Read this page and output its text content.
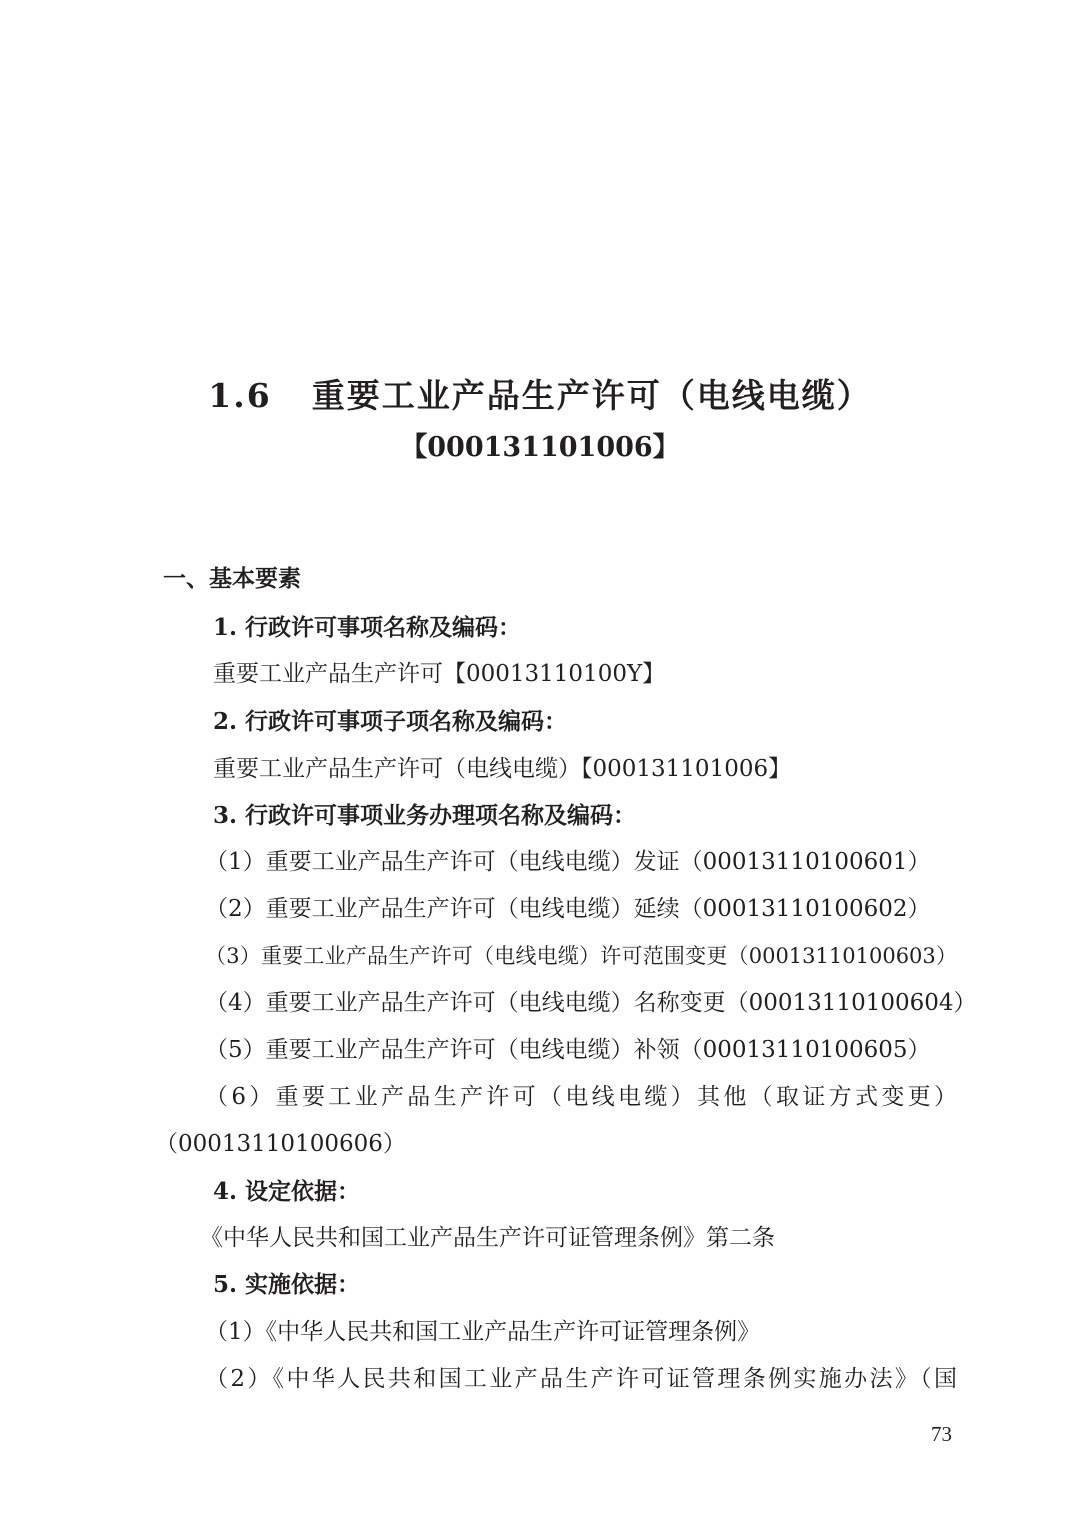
1.6 重要工业产品生产许可（电线电缆）
【000131101006】
一、基本要素
1. 行政许可事项名称及编码：
重要工业产品生产许可【00013110100Y】
2. 行政许可事项子项名称及编码：
重要工业产品生产许可（电线电缆）【000131101006】
3. 行政许可事项业务办理项名称及编码：
（1）重要工业产品生产许可（电线电缆）发证（00013110100601）
（2）重要工业产品生产许可（电线电缆）延续（00013110100602）
（3）重要工业产品生产许可（电线电缆）许可范围变更（00013110100603）
（4）重要工业产品生产许可（电线电缆）名称变更（00013110100604）
（5）重要工业产品生产许可（电线电缆）补领（00013110100605）
（6）重要工业产品生产许可（电线电缆）其他（取证方式变更）
（00013110100606）
4. 设定依据：
《中华人民共和国工业产品生产许可证管理条例》第二条
5. 实施依据：
（1）《中华人民共和国工业产品生产许可证管理条例》
（2）《中华人民共和国工业产品生产许可证管理条例实施办法》（国
73
